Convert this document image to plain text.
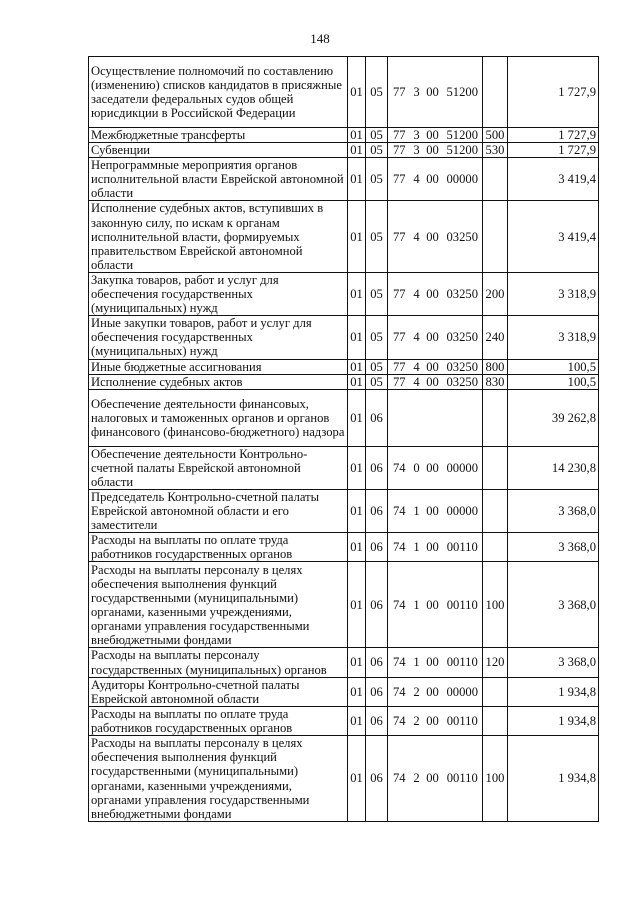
148
Осуществление полномочий по составлению (изменению) списков кандидатов в присяжные заседатели федеральных судов общей юрисдикции в Российской Федерации	01	05	77	3	00	51200		1 727,9
Межбюджетные трансферты	01	05	77	3	00	51200	500	1 727,9
Субвенции	01	05	77	3	00	51200	530	1 727,9
Непрограммные мероприятия органов исполнительной власти Еврейской автономной области	01	05	77	4	00	00000		3 419,4
Исполнение судебных актов, вступивших в законную силу, по искам к органам исполнительной власти, формируемых правительством Еврейской автономной области	01	05	77	4	00	03250		3 419,4
Закупка товаров, работ и услуг для обеспечения государственных (муниципальных) нужд	01	05	77	4	00	03250	200	3 318,9
Иные закупки товаров, работ и услуг для обеспечения государственных (муниципальных) нужд	01	05	77	4	00	03250	240	3 318,9
Иные бюджетные ассигнования	01	05	77	4	00	03250	800	100,5
Исполнение судебных актов	01	05	77	4	00	03250	830	100,5
Обеспечение деятельности финансовых, налоговых и таможенных органов и органов финансового (финансово-бюджетного) надзора	01	06						39 262,8
Обеспечение деятельности Контрольно-счетной палаты Еврейской автономной области	01	06	74	0	00	00000		14 230,8
Председатель Контрольно-счетной палаты Еврейской автономной области и его заместители	01	06	74	1	00	00000		3 368,0
Расходы на выплаты по оплате труда работников государственных органов	01	06	74	1	00	00110		3 368,0
Расходы на выплаты персоналу в целях обеспечения выполнения функций государственными (муниципальными) органами, казенными учреждениями, органами управления государственными внебюджетными фондами	01	06	74	1	00	00110	100	3 368,0
Расходы на выплаты персоналу государственных (муниципальных) органов	01	06	74	1	00	00110	120	3 368,0
Аудиторы Контрольно-счетной палаты Еврейской автономной области	01	06	74	2	00	00000		1 934,8
Расходы на выплаты по оплате труда работников государственных органов	01	06	74	2	00	00110		1 934,8
Расходы на выплаты персоналу в целях обеспечения выполнения функций государственными (муниципальными) органами, казенными учреждениями, органами управления государственными внебюджетными фондами	01	06	74	2	00	00110	100	1 934,8
